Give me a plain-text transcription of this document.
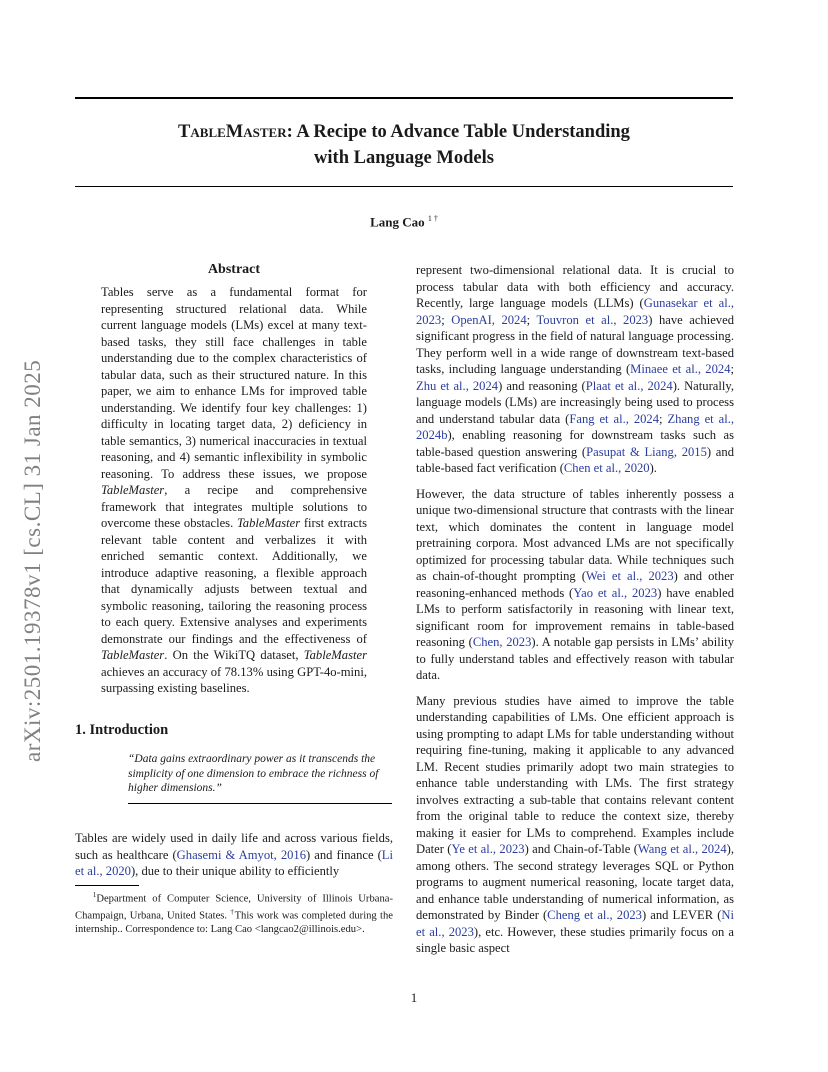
arXiv:2501.19378v1 [cs.CL] 31 Jan 2025
TableMaster: A Recipe to Advance Table Understanding
with Language Models
Lang Cao $^{1 \dagger}$
Abstract

Tables serve as a fundamental format for representing structured relational data. While current language models (LMs) excel at many text-based tasks, they still face challenges in table understanding due to the complex characteristics of tabular data, such as their structured nature. In this paper, we aim to enhance LMs for improved table understanding. We identify four key challenges: 1) difficulty in locating target data, 2) deficiency in table semantics, 3) numerical inaccuracies in textual reasoning, and 4) semantic inflexibility in symbolic reasoning. To address these issues, we propose TableMaster, a recipe and comprehensive framework that integrates multiple solutions to overcome these obstacles. TableMaster first extracts relevant table content and verbalizes it with enriched semantic context. Additionally, we introduce adaptive reasoning, a flexible approach that dynamically adjusts between textual and symbolic reasoning, tailoring the reasoning process to each query. Extensive analyses and experiments demonstrate our findings and the effectiveness of TableMaster. On the WikiTQ dataset, TableMaster achieves an accuracy of 78.13% using GPT-4o-mini, surpassing existing baselines.

1. Introduction
“Data gains extraordinary power as it transcends the simplicity of one dimension to embrace the richness of higher dimensions.”

Tables are widely used in daily life and across various fields, such as healthcare (Ghasemi & Amyot, 2016) and finance (Li et al., 2020), due to their unique ability to efficiently

$^1$Department of Computer Science, University of Illinois Urbana-Champaign, Urbana, United States. †This work was completed during the internship.. Correspondence to: Lang Cao <langcao2@illinois.edu>.

represent two-dimensional relational data. It is crucial to process tabular data with both efficiency and accuracy. Recently, large language models (LLMs) (Gunasekar et al., 2023; OpenAI, 2024; Touvron et al., 2023) have achieved significant progress in the field of natural language processing. They perform well in a wide range of downstream text-based tasks, including language understanding (Minaee et al., 2024; Zhu et al., 2024) and reasoning (Plaat et al., 2024). Naturally, language models (LMs) are increasingly being used to process and understand tabular data (Fang et al., 2024; Zhang et al., 2024b), enabling reasoning for downstream tasks such as table-based question answering (Pasupat & Liang, 2015) and table-based fact verification (Chen et al., 2020).

However, the data structure of tables inherently possess a unique two-dimensional structure that contrasts with the linear text, which dominates the content in language model pretraining corpora. Most advanced LMs are not specifically optimized for processing tabular data. While techniques such as chain-of-thought prompting (Wei et al., 2023) and other reasoning-enhanced methods (Yao et al., 2023) have enabled LMs to perform satisfactorily in reasoning with linear text, significant room for improvement remains in table-based reasoning (Chen, 2023). A notable gap persists in LMs’ ability to fully understand tables and effectively reason with tabular data.

Many previous studies have aimed to improve the table understanding capabilities of LMs. One efficient approach is using prompting to adapt LMs for table understanding without requiring fine-tuning, making it applicable to any advanced LM. Recent studies primarily adopt two main strategies to enhance table understanding with LMs. The first strategy involves extracting a sub-table that contains relevant content from the original table to reduce the context size, thereby making it easier for LMs to comprehend. Examples include Dater (Ye et al., 2023) and Chain-of-Table (Wang et al., 2024), among others. The second strategy leverages SQL or Python programs to augment numerical reasoning, locate target data, and enhance table understanding of numerical information, as demonstrated by Binder (Cheng et al., 2023) and LEVER (Ni et al., 2023), etc. However, these studies primarily focus on a single basic aspect

1
